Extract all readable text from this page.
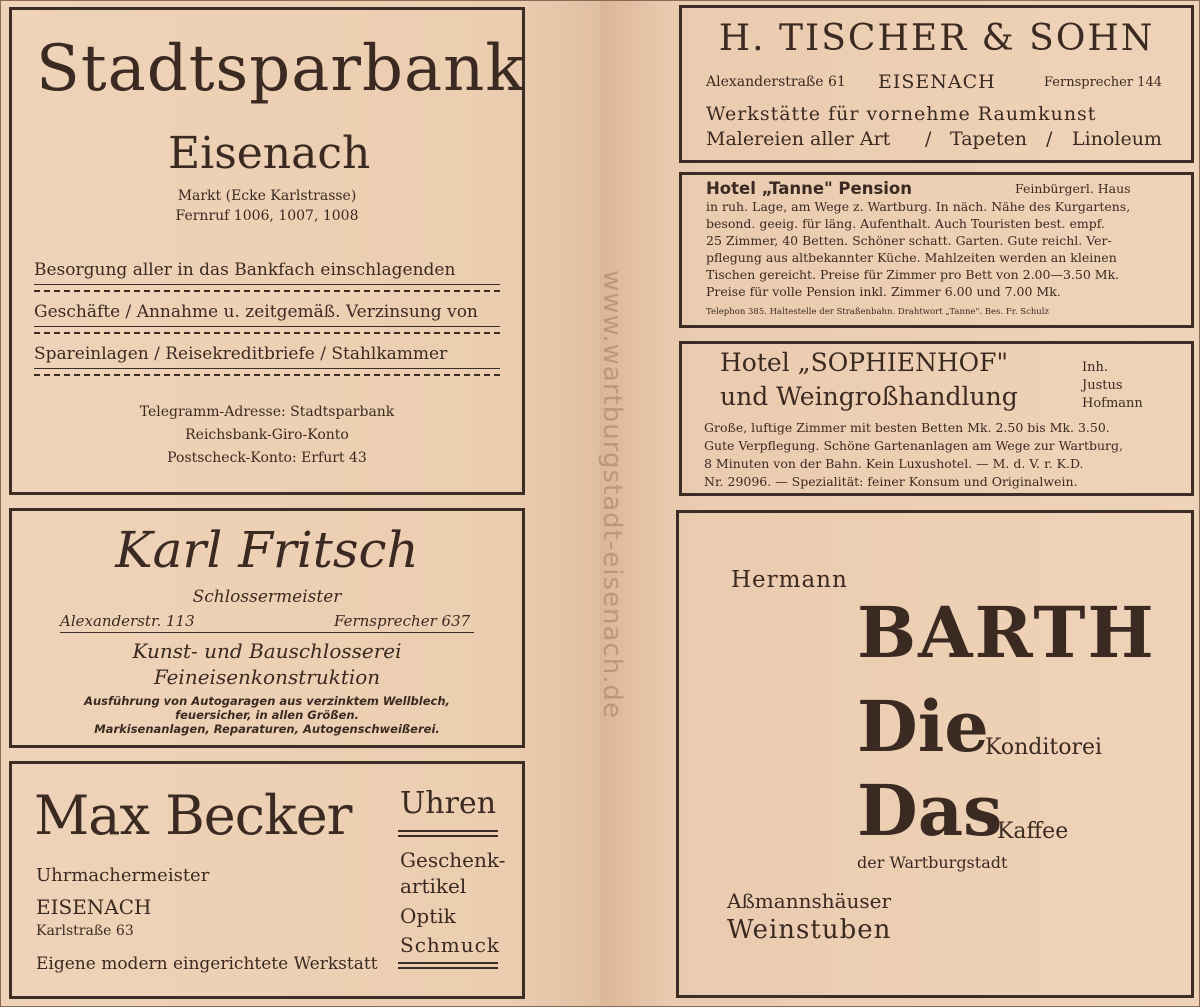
Stadtsparbank
Eisenach
Markt (Ecke Karlstrasse)
Fernruf 1006, 1007, 1008
Besorgung aller in das Bankfach einschlagenden
Geschäfte / Annahme u. zeitgemäß. Verzinsung von
Spareinlagen / Reisekreditbriefe / Stahlkammer
Telegramm-Adresse: Stadtsparbank
Reichsbank-Giro-Konto
Postscheck-Konto: Erfurt 43
Karl Fritsch
Schlossermeister
Alexanderstr. 113	Fernsprecher 637
Kunst- und Bauschlosserei
Feineisenkonstruktion
Ausführung von Autogaragen aus verzinktem Wellblech,
feuersicher, in allen Größen.
Markisenanlagen, Reparaturen, Autogenschweißerei.
Max Becker
Uhrmachermeister
EISENACH
Karlstraße 63
Eigene modern eingerichtete Werkstatt
Uhren
Geschenk-
artikel
Optik
Schmuck
www.wartburgstadt-eisenach.de
H. TISCHER & SOHN
Alexanderstraße 61 EISENACH	Fernsprecher 144
Werkstätte für vornehme Raumkunst
Malereien aller Art / Tapeten / Linoleum
Hotel „Tanne" Pension	Feinbürgerl. Haus
in ruh. Lage, am Wege z. Wartburg. In näch. Nähe des Kurgartens,
besond. geeig. für läng. Aufenthalt. Auch Touristen best. empf.
25 Zimmer, 40 Betten. Schöner schatt. Garten. Gute reichl. Ver-
pflegung aus altbekannter Küche. Mahlzeiten werden an kleinen
Tischen gereicht. Preise für Zimmer pro Bett von 2.00—3.50 Mk.
Preise für volle Pension inkl. Zimmer 6.00 und 7.00 Mk.
Telephon 385. Haltestelle der Straßenbahn. Drahtwort „Tanne". Bes. Fr. Schulz
Hotel „SOPHIENHOF"
und Weingroßhandlung
Inh.
Justus
Hofmann
Große, luftige Zimmer mit besten Betten Mk. 2.50 bis Mk. 3.50.
Gute Verpflegung. Schöne Gartenanlagen am Wege zur Wartburg,
8 Minuten von der Bahn. Kein Luxushotel. — M. d. V. r. K.D.
Nr. 29096. — Spezialität: feiner Konsum und Originalwein.
Hermann
BARTH
Die
Konditorei
Das
Kaffee
der Wartburgstadt
Aßmannshäuser
Weinstuben
